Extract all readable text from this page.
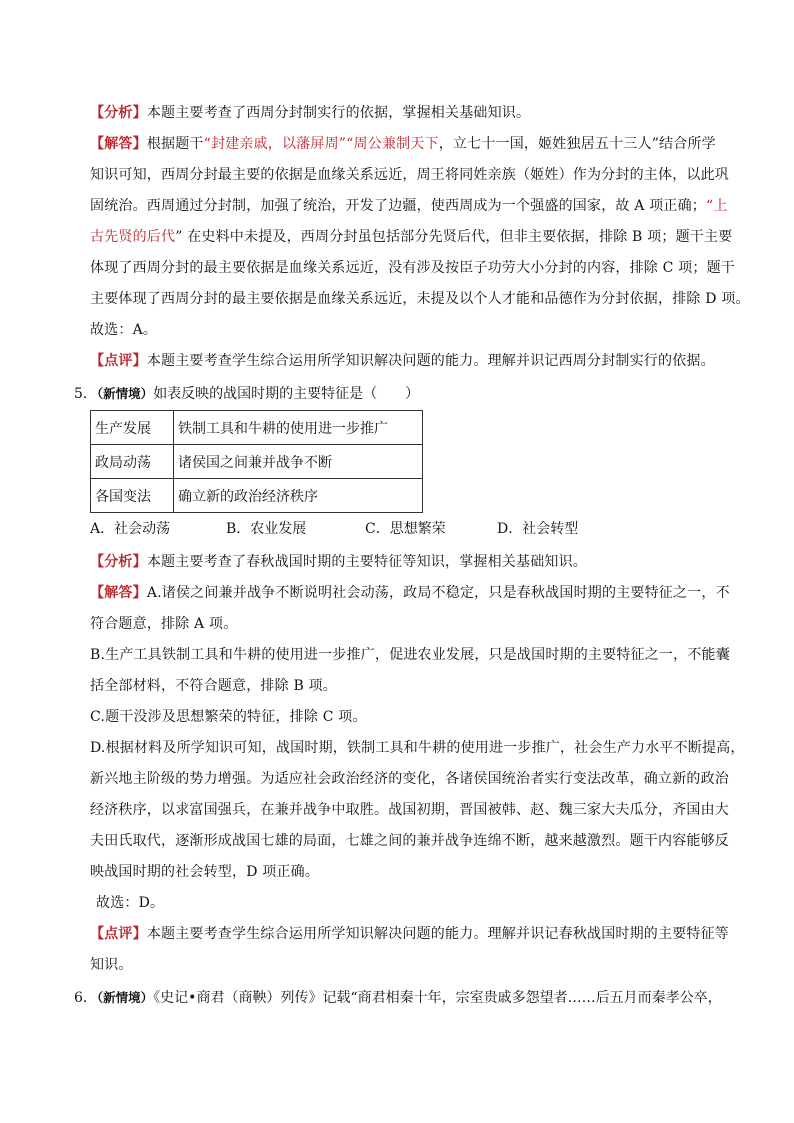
【分析】本题主要考查了西周分封制实行的依据，掌握相关基础知识。

【解答】根据题干“封建亲戚，以藩屏周”“周公兼制天下，立七十一国，姬姓独居五十三人”结合所学
知识可知，西周分封最主要的依据是血缘关系远近，周王将同姓亲族（姬姓）作为分封的主体，以此巩
固统治。西周通过分封制，加强了统治，开发了边疆，使西周成为一个强盛的国家，故 A 项正确；“上
古先贤的后代” 在史料中未提及，西周分封虽包括部分先贤后代，但非主要依据，排除 B 项；题干主要
体现了西周分封的最主要依据是血缘关系远近，没有涉及按臣子功劳大小分封的内容，排除 C 项；题干
主要体现了西周分封的最主要依据是血缘关系远近，未提及以个人才能和品德作为分封依据，排除 D 项。
故选：A。

【点评】本题主要考查学生综合运用所学知识解决问题的能力。理解并识记西周分封制实行的依据。

5．（新情境）如表反映的战国时期的主要特征是（　　）

生产发展	铁制工具和牛耕的使用进一步推广
政局动荡	诸侯国之间兼并战争不断
各国变法	确立新的政治经济秩序
A．社会动荡	B．农业发展	C．思想繁荣	D．社会转型

【分析】本题主要考查了春秋战国时期的主要特征等知识，掌握相关基础知识。

【解答】A.诸侯之间兼并战争不断说明社会动荡，政局不稳定，只是春秋战国时期的主要特征之一，不
符合题意，排除 A 项。
B.生产工具铁制工具和牛耕的使用进一步推广，促进农业发展，只是战国时期的主要特征之一，不能囊
括全部材料，不符合题意，排除 B 项。
C.题干没涉及思想繁荣的特征，排除 C 项。
D.根据材料及所学知识可知，战国时期，铁制工具和牛耕的使用进一步推广，社会生产力水平不断提高，
新兴地主阶级的势力增强。为适应社会政治经济的变化，各诸侯国统治者实行变法改革，确立新的政治
经济秩序，以求富国强兵，在兼并战争中取胜。战国初期，晋国被韩、赵、魏三家大夫瓜分，齐国由大
夫田氏取代，逐渐形成战国七雄的局面，七雄之间的兼并战争连绵不断，越来越激烈。题干内容能够反
映战国时期的社会转型，D 项正确。
故选：D。

【点评】本题主要考查学生综合运用所学知识解决问题的能力。理解并识记春秋战国时期的主要特征等
知识。

6．（新情境）《史记•商君（商鞅）列传》记载“商君相秦十年，宗室贵戚多怨望者……后五月而秦孝公卒，
